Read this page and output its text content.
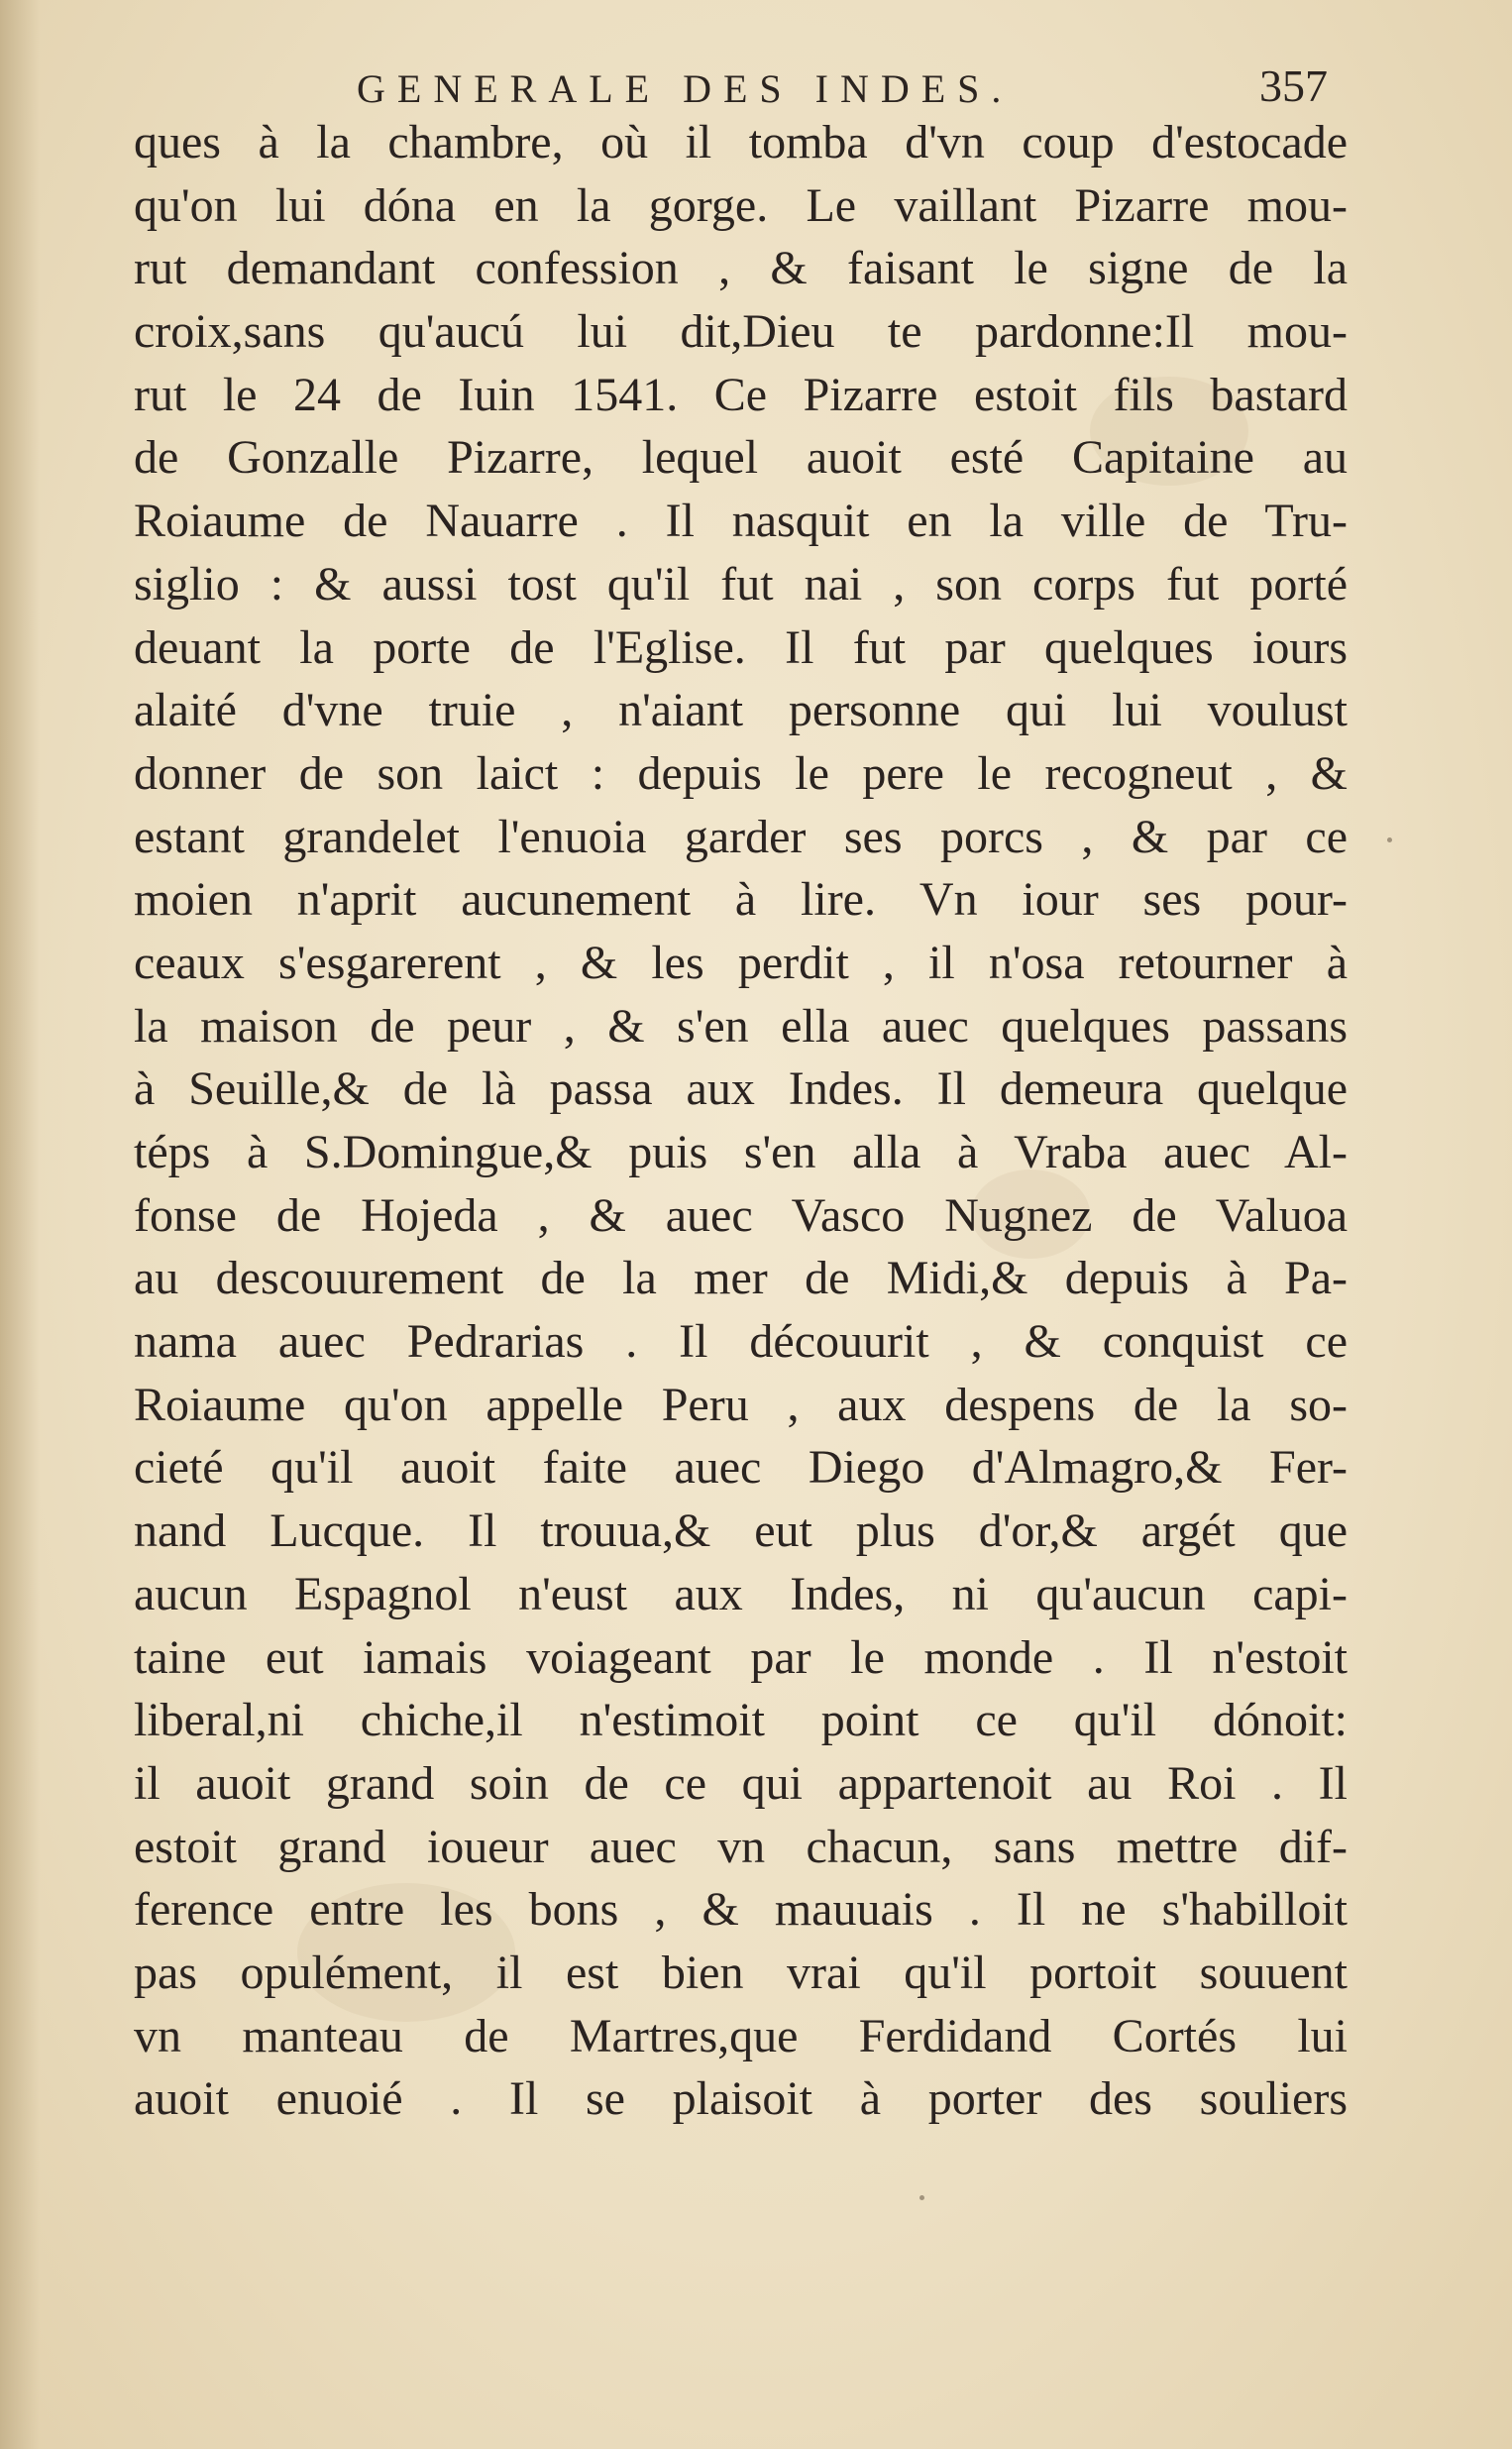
GENERALE DES INDES.	357
ques à la chambre, où il tomba d'vn coup d'estocade
qu'on lui dóna en la gorge. Le vaillant Pizarre mou-
rut demandant confession , & faisant le signe de la
croix,sans qu'aucú lui dit,Dieu te pardonne:Il mou-
rut le 24 de Iuin 1541. Ce Pizarre estoit fils bastard
de Gonzalle Pizarre, lequel auoit esté Capitaine au
Roiaume de Nauarre . Il nasquit en la ville de Tru-
siglio : & aussi tost qu'il fut nai , son corps fut porté
deuant la porte de l'Eglise. Il fut par quelques iours
alaité d'vne truie , n'aiant personne qui lui voulust
donner de son laict : depuis le pere le recogneut , &
estant grandelet l'enuoia garder ses porcs , & par ce
moien n'aprit aucunement à lire. Vn iour ses pour-
ceaux s'esgarerent , & les perdit , il n'osa retourner à
la maison de peur , & s'en ella auec quelques passans
à Seuille,& de là passa aux Indes. Il demeura quelque
téps à S.Domingue,& puis s'en alla à Vraba auec Al-
fonse de Hojeda , & auec Vasco Nugnez de Valuoa
au descouurement de la mer de Midi,& depuis à Pa-
nama auec Pedrarias . Il découurit , & conquist ce
Roiaume qu'on appelle Peru , aux despens de la so-
cieté qu'il auoit faite auec Diego d'Almagro,& Fer-
nand Lucque. Il trouua,& eut plus d'or,& argét que
aucun Espagnol n'eust aux Indes, ni qu'aucun capi-
taine eut iamais voiageant par le monde . Il n'estoit
liberal,ni chiche,il n'estimoit point ce qu'il dónoit:
il auoit grand soin de ce qui appartenoit au Roi . Il
estoit grand ioueur auec vn chacun, sans mettre dif-
ference entre les bons , & mauuais . Il ne s'habilloit
pas opulément, il est bien vrai qu'il portoit souuent
vn manteau de Martres,que Ferdidand Cortés lui
auoit enuoié . Il se plaisoit à porter des souliers
